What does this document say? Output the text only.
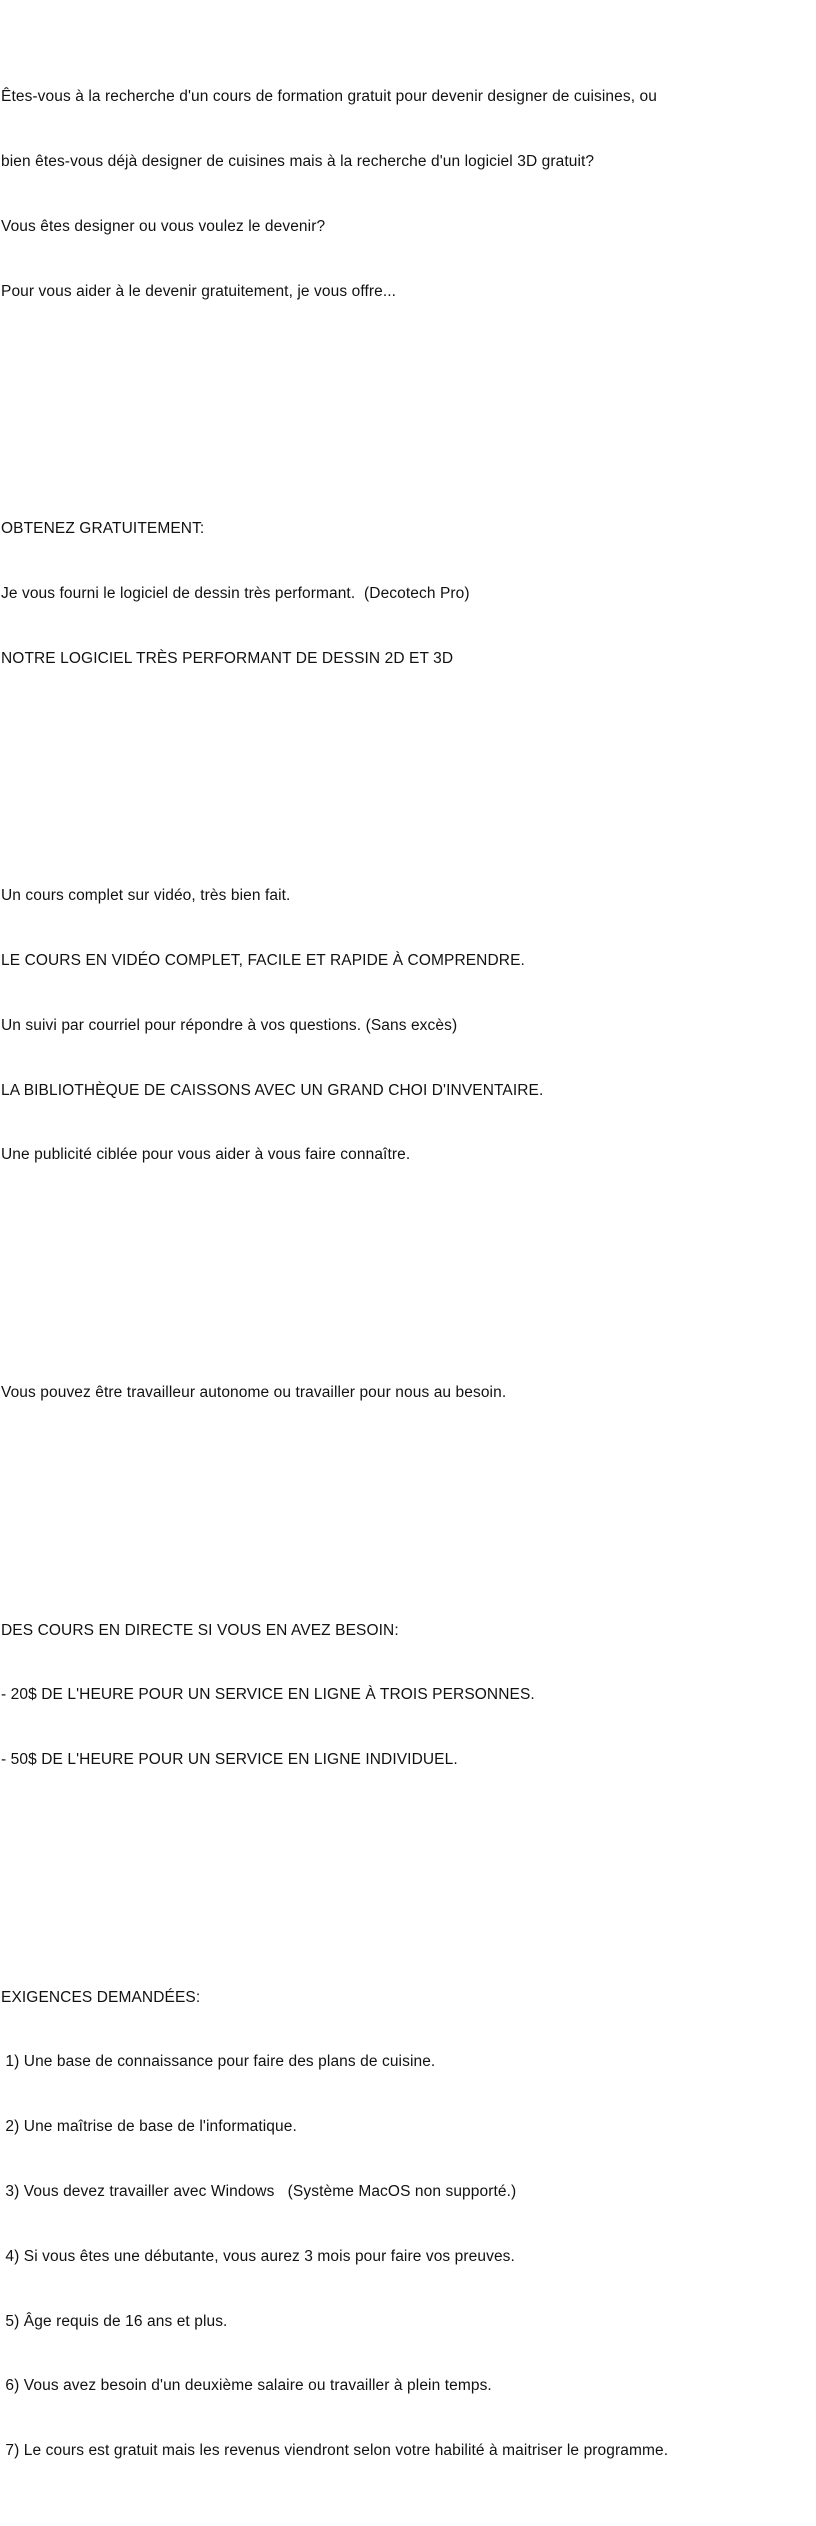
Êtes-vous à la recherche d'un cours de formation gratuit pour devenir designer de cuisines, ou

bien êtes-vous déjà designer de cuisines mais à la recherche d'un logiciel 3D gratuit?

Vous êtes designer ou vous voulez le devenir?

Pour vous aider à le devenir gratuitement, je vous offre...

OBTENEZ GRATUITEMENT:

Je vous fourni le logiciel de dessin très performant.  (Decotech Pro)

NOTRE LOGICIEL TRÈS PERFORMANT DE DESSIN 2D ET 3D

Un cours complet sur vidéo, très bien fait.

LE COURS EN VIDÉO COMPLET, FACILE ET RAPIDE À COMPRENDRE.

Un suivi par courriel pour répondre à vos questions. (Sans excès)

LA BIBLIOTHÈQUE DE CAISSONS AVEC UN GRAND CHOI D'INVENTAIRE.

Une publicité ciblée pour vous aider à vous faire connaître.

Vous pouvez être travailleur autonome ou travailler pour nous au besoin.

DES COURS EN DIRECTE SI VOUS EN AVEZ BESOIN:

- 20$ DE L'HEURE POUR UN SERVICE EN LIGNE À TROIS PERSONNES.

- 50$ DE L'HEURE POUR UN SERVICE EN LIGNE INDIVIDUEL.

EXIGENCES DEMANDÉES:

1) Une base de connaissance pour faire des plans de cuisine.

2) Une maîtrise de base de l'informatique.

3) Vous devez travailler avec Windows   (Système MacOS non supporté.)

4) Si vous êtes une débutante, vous aurez 3 mois pour faire vos preuves.

5) Âge requis de 16 ans et plus.

6) Vous avez besoin d'un deuxième salaire ou travailler à plein temps.

7) Le cours est gratuit mais les revenus viendront selon votre habilité à maitriser le programme.
